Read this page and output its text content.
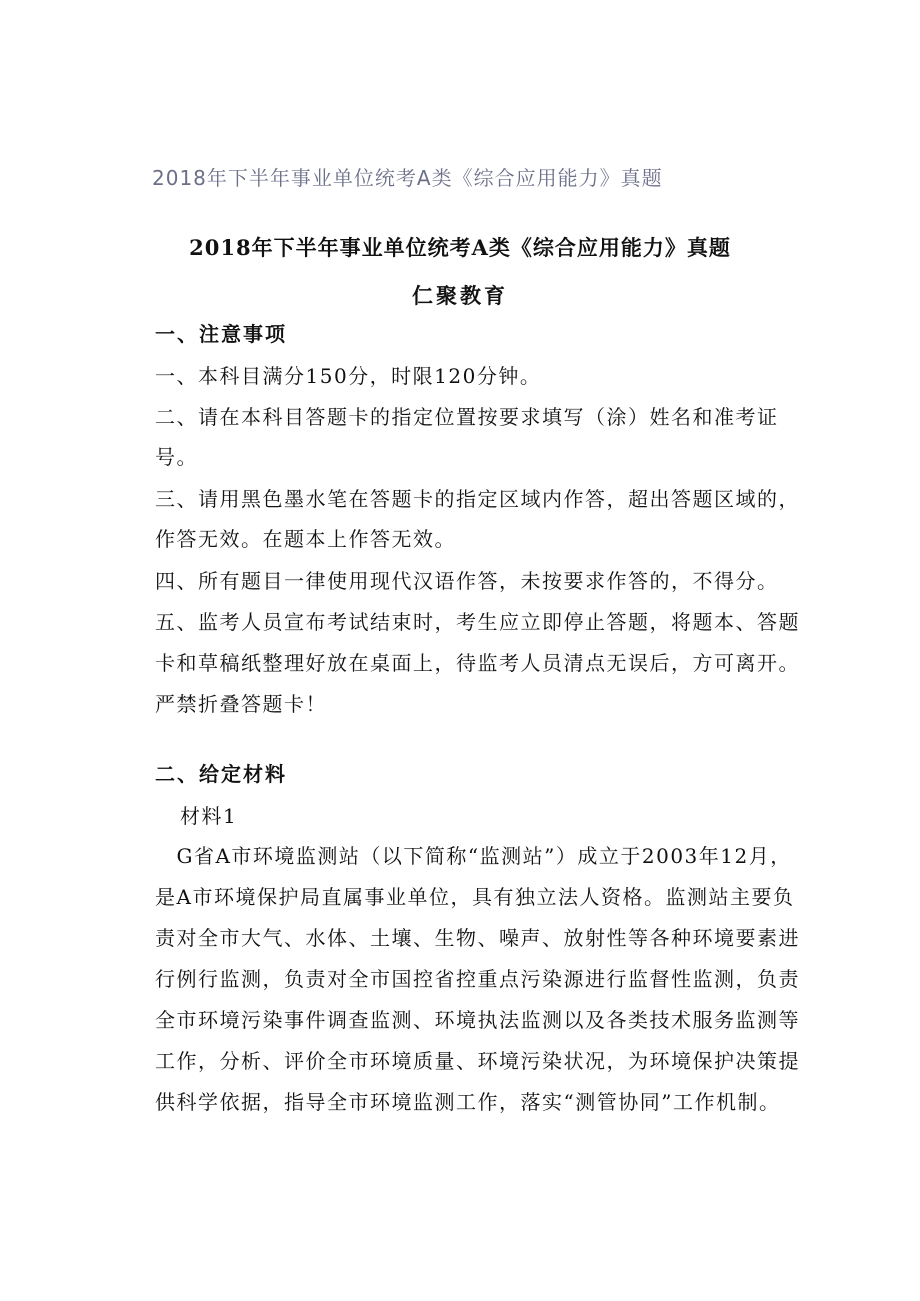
2018年下半年事业单位统考A类《综合应用能力》真题
2018年下半年事业单位统考A类《综合应用能力》真题
仁聚教育
一、注意事项
一、本科目满分150分，时限120分钟。
二、请在本科目答题卡的指定位置按要求填写（涂）姓名和准考证
号。
三、请用黑色墨水笔在答题卡的指定区域内作答，超出答题区域的，
作答无效。在题本上作答无效。
四、所有题目一律使用现代汉语作答，未按要求作答的，不得分。
五、监考人员宣布考试结束时，考生应立即停止答题，将题本、答题
卡和草稿纸整理好放在桌面上，待监考人员清点无误后，方可离开。
严禁折叠答题卡！
二、给定材料
材料1
　G省A市环境监测站（以下简称“监测站”）成立于2003年12月，
是A市环境保护局直属事业单位，具有独立法人资格。监测站主要负
责对全市大气、水体、土壤、生物、噪声、放射性等各种环境要素进
行例行监测，负责对全市国控省控重点污染源进行监督性监测，负责
全市环境污染事件调查监测、环境执法监测以及各类技术服务监测等
工作，分析、评价全市环境质量、环境污染状况，为环境保护决策提
供科学依据，指导全市环境监测工作，落实“测管协同”工作机制。
